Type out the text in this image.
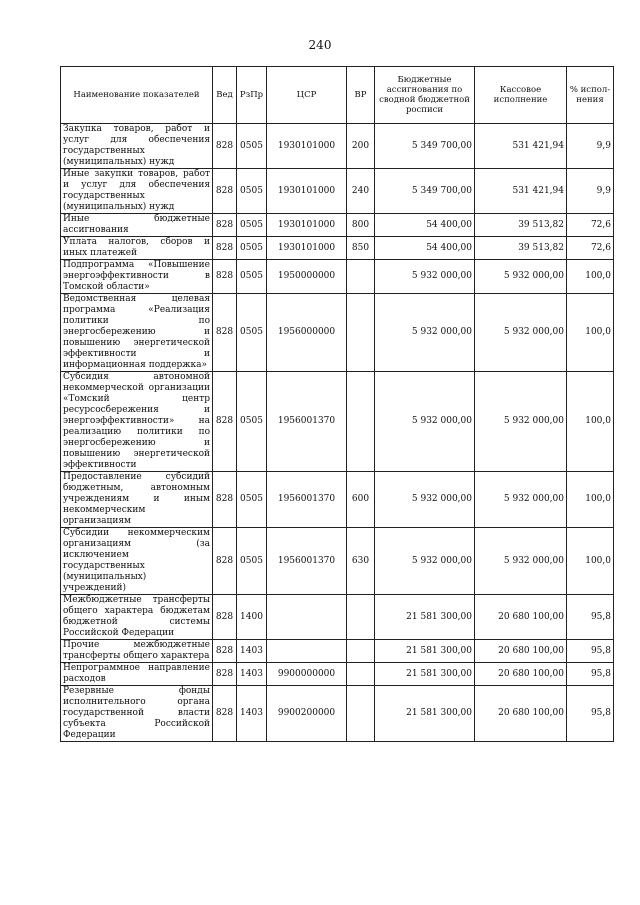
240
Наименование показателей	Вед	РзПр	ЦСР	ВР	Бюджетные ассигнования по сводной бюджетной росписи	Кассовое исполнение	% испол-нения
Закупка товаров, работ и услуг для обеспечения государственных (муниципальных) нужд	828	0505	1930101000	200	5 349 700,00	531 421,94	9,9
Иные закупки товаров, работ и услуг для обеспечения государственных (муниципальных) нужд	828	0505	1930101000	240	5 349 700,00	531 421,94	9,9
Иные бюджетные ассигнования	828	0505	1930101000	800	54 400,00	39 513,82	72,6
Уплата налогов, сборов и иных платежей	828	0505	1930101000	850	54 400,00	39 513,82	72,6
Подпрограмма «Повышение энергоэффективности в Томской области»	828	0505	1950000000		5 932 000,00	5 932 000,00	100,0
Ведомственная целевая программа «Реализация политики по энергосбережению и повышению энергетической эффективности и информационная поддержка»	828	0505	1956000000		5 932 000,00	5 932 000,00	100,0
Субсидия автономной некоммерческой организации «Томский центр ресурсосбережения и энергоэффективности» на реализацию политики по энергосбережению и повышению энергетической эффективности	828	0505	1956001370		5 932 000,00	5 932 000,00	100,0
Предоставление субсидий бюджетным, автономным учреждениям и иным некоммерческим организациям	828	0505	1956001370	600	5 932 000,00	5 932 000,00	100,0
Субсидии некоммерческим организациям (за исключением государственных (муниципальных) учреждений)	828	0505	1956001370	630	5 932 000,00	5 932 000,00	100,0
Межбюджетные трансферты общего характера бюджетам бюджетной системы Российской Федерации	828	1400			21 581 300,00	20 680 100,00	95,8
Прочие межбюджетные трансферты общего характера	828	1403			21 581 300,00	20 680 100,00	95,8
Непрограммное направление расходов	828	1403	9900000000		21 581 300,00	20 680 100,00	95,8
Резервные фонды исполнительного органа государственной власти субъекта Российской Федерации	828	1403	9900200000		21 581 300,00	20 680 100,00	95,8
